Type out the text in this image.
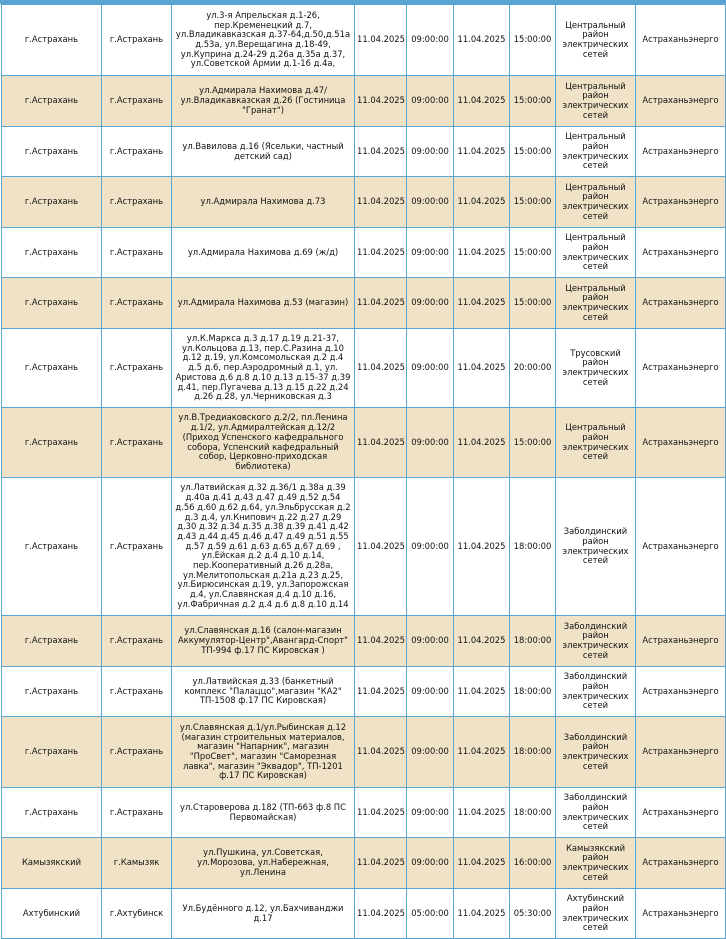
г.Астрахань	г.Астрахань	ул.3-я Апрельская д.1-26, пер.Кременецкий д.7, ул.Владикавказская д.37-64,д.50,д.51а д.53а, ул.Верещагина д.18-49, ул.Куприна д.24-29 д.26а д.35а д.37, ул.Советской Армии д.1-16 д.4а,	11.04.2025	09:00:00	11.04.2025	15:00:00	Центральный район электрических сетей	Астраханьэнерго
г.Астрахань	г.Астрахань	ул.Адмирала Нахимова д.47/ ул.Владикавказская д.26 (Гостиница "Гранат")	11.04.2025	09:00:00	11.04.2025	15:00:00	Центральный район электрических сетей	Астраханьэнерго
г.Астрахань	г.Астрахань	ул.Вавилова д.16 (Ясельки, частный детский сад)	11.04.2025	09:00:00	11.04.2025	15:00:00	Центральный район электрических сетей	Астраханьэнерго
г.Астрахань	г.Астрахань	ул.Адмирала Нахимова д.73	11.04.2025	09:00:00	11.04.2025	15:00:00	Центральный район электрических сетей	Астраханьэнерго
г.Астрахань	г.Астрахань	ул.Адмирала Нахимова д.69 (ж/д)	11.04.2025	09:00:00	11.04.2025	15:00:00	Центральный район электрических сетей	Астраханьэнерго
г.Астрахань	г.Астрахань	ул.Адмирала Нахимова д.53 (магазин)	11.04.2025	09:00:00	11.04.2025	15:00:00	Центральный район электрических сетей	Астраханьэнерго
г.Астрахань	г.Астрахань	ул.К.Маркса д.3 д.17 д.19 д.21-37, ул.Кольцова д.13, пер.С.Разина д.10 д.12 д.19, ул.Комсомольская д.2 д.4 д.5 д.6, пер.Аэродромный д.1, ул. Аристова д.6 д.8 д.10 д.13 д.15-37 д.39 д.41, пер.Пугачева д.13 д.15 д.22 д.24 д.26 д.28, ул.Черниковская д.3	11.04.2025	09:00:00	11.04.2025	20:00:00	Трусовский район электрических сетей	Астраханьэнерго
г.Астрахань	г.Астрахань	ул.В.Тредиаковского д.2/2, пл.Ленина д.1/2, ул.Адмиралтейская д.12/2 (Приход Успенского кафедрального собора, Успенский кафедральный собор, Церковно-приходская библиотека)	11.04.2025	09:00:00	11.04.2025	15:00:00	Центральный район электрических сетей	Астраханьэнерго
г.Астрахань	г.Астрахань	ул.Латвийская д.32 д.36/1 д.38а д.39 д.40а д.41 д.43 д.47 д.49 д.52 д.54 д.56 д.60 д.62 д.64, ул.Эльбрусская д.2 д.3 д.4, ул.Книпович д.22 д.27 д.29 д.30 д.32 д.34 д.35 д.38 д.39 д.41 д.42 д.43 д.44 д.45 д.46 д.47 д.49 д.51 д.55 д.57 д.59 д.61 д.63 д.65 д.67 д.69 , ул.Ейская д.2 д.4 д.10 д.14, пер.Кооперативный д.26 д.28а, ул.Мелитопольская д.21а д.23 д.25, ул.Бирюсинская д.19, ул.Запорожская д.4, ул.Славянская д.4 д.10 д.16, ул.Фабричная д.2 д.4 д.6 д.8 д.10 д.14	11.04.2025	09:00:00	11.04.2025	18:00:00	Заболдинский район электрических сетей	Астраханьэнерго
г.Астрахань	г.Астрахань	ул.Славянская д.16 (салон-магазин Аккумулятор-Центр",Авангард-Спорт" ТП-994 ф.17 ПС Кировская )	11.04.2025	09:00:00	11.04.2025	18:00:00	Заболдинский район электрических сетей	Астраханьэнерго
г.Астрахань	г.Астрахань	ул.Латвийская д.33 (банкетный комплекс "Палаццо",магазин "КА2" ТП-1508 ф.17 ПС Кировская)	11.04.2025	09:00:00	11.04.2025	18:00:00	Заболдинский район электрических сетей	Астраханьэнерго
г.Астрахань	г.Астрахань	ул.Славянская д.1/ул.Рыбинская д.12 (магазин строительных материалов, магазин "Напарник", магазин "ПроСвет", магазин "Саморезная лавка", магазин "Эквадор", ТП-1201 ф.17 ПС Кировская)	11.04.2025	09:00:00	11.04.2025	18:00:00	Заболдинский район электрических сетей	Астраханьэнерго
г.Астрахань	г.Астрахань	ул.Староверова д.182 (ТП-663 ф.8 ПС Первомайская)	11.04.2025	09:00:00	11.04.2025	18:00:00	Заболдинский район электрических сетей	Астраханьэнерго
Камызякский	г.Камызяк	ул.Пушкина, ул.Советская, ул.Морозова, ул.Набережная, ул.Ленина	11.04.2025	09:00:00	11.04.2025	16:00:00	Камызякский район электрических сетей	Астраханьэнерго
Ахтубинский	г.Ахтубинск	Ул.Будённого д.12, ул.Бахчиванджи д.17	11.04.2025	05:00:00	11.04.2025	05:30:00	Ахтубинский район электрических сетей	Астраханьэнерго
